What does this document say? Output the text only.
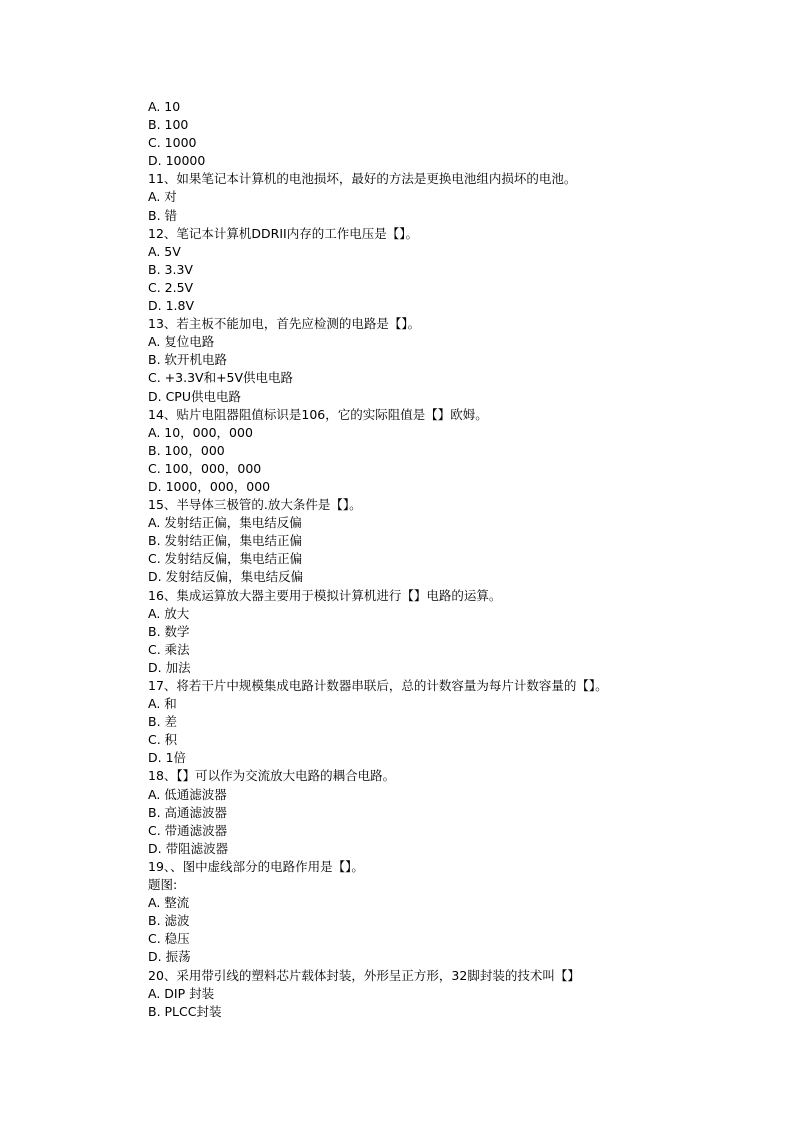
A. 10
B. 100
C. 1000
D. 10000
11、如果笔记本计算机的电池损坏，最好的方法是更换电池组内损坏的电池。
A. 对
B. 错
12、笔记本计算机DDRII内存的工作电压是【】。
A. 5V
B. 3.3V
C. 2.5V
D. 1.8V
13、若主板不能加电，首先应检测的电路是【】。
A. 复位电路
B. 软开机电路
C. +3.3V和+5V供电电路
D. CPU供电电路
14、贴片电阻器阻值标识是106，它的实际阻值是【】欧姆。
A. 10，000，000
B. 100，000
C. 100，000，000
D. 1000，000，000
15、半导体三极管的.放大条件是【】。
A. 发射结正偏，集电结反偏
B. 发射结正偏，集电结正偏
C. 发射结反偏，集电结正偏
D. 发射结反偏，集电结反偏
16、集成运算放大器主要用于模拟计算机进行【】电路的运算。
A. 放大
B. 数学
C. 乘法
D. 加法
17、将若干片中规模集成电路计数器串联后，总的计数容量为每片计数容量的【】。
A. 和
B. 差
C. 积
D. 1倍
18、【】可以作为交流放大电路的耦合电路。
A. 低通滤波器
B. 高通滤波器
C. 带通滤波器
D. 带阻滤波器
19、、图中虚线部分的电路作用是【】。
题图:
A. 整流
B. 滤波
C. 稳压
D. 振荡
20、采用带引线的塑料芯片载体封装，外形呈正方形，32脚封装的技术叫【】
A. DIP 封装
B. PLCC封装
